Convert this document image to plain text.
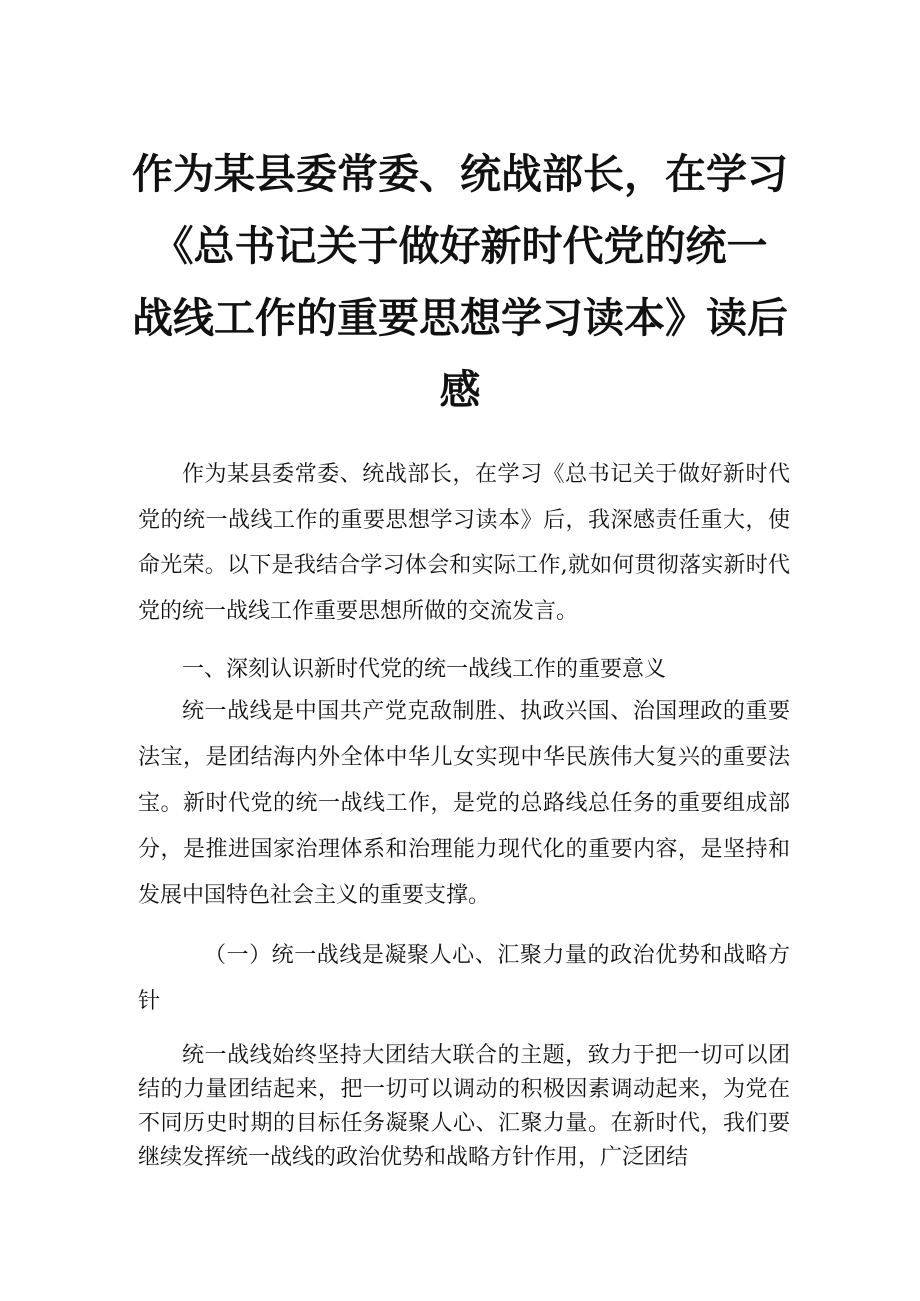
作为某县委常委、统战部长，在学习
《总书记关于做好新时代党的统一
战线工作的重要思想学习读本》读后
感

作为某县委常委、统战部长，在学习《总书记关于做好新时代党的统一战线工作的重要思想学习读本》后，我深感责任重大，使命光荣。以下是我结合学习体会和实际工作,就如何贯彻落实新时代党的统一战线工作重要思想所做的交流发言。

一、深刻认识新时代党的统一战线工作的重要意义

统一战线是中国共产党克敌制胜、执政兴国、治国理政的重要法宝，是团结海内外全体中华儿女实现中华民族伟大复兴的重要法宝。新时代党的统一战线工作，是党的总路线总任务的重要组成部分，是推进国家治理体系和治理能力现代化的重要内容，是坚持和发展中国特色社会主义的重要支撑。

（一）统一战线是凝聚人心、汇聚力量的政治优势和战略方针

统一战线始终坚持大团结大联合的主题，致力于把一切可以团结的力量团结起来，把一切可以调动的积极因素调动起来，为党在不同历史时期的目标任务凝聚人心、汇聚力量。在新时代，我们要继续发挥统一战线的政治优势和战略方针作用，广泛团结
